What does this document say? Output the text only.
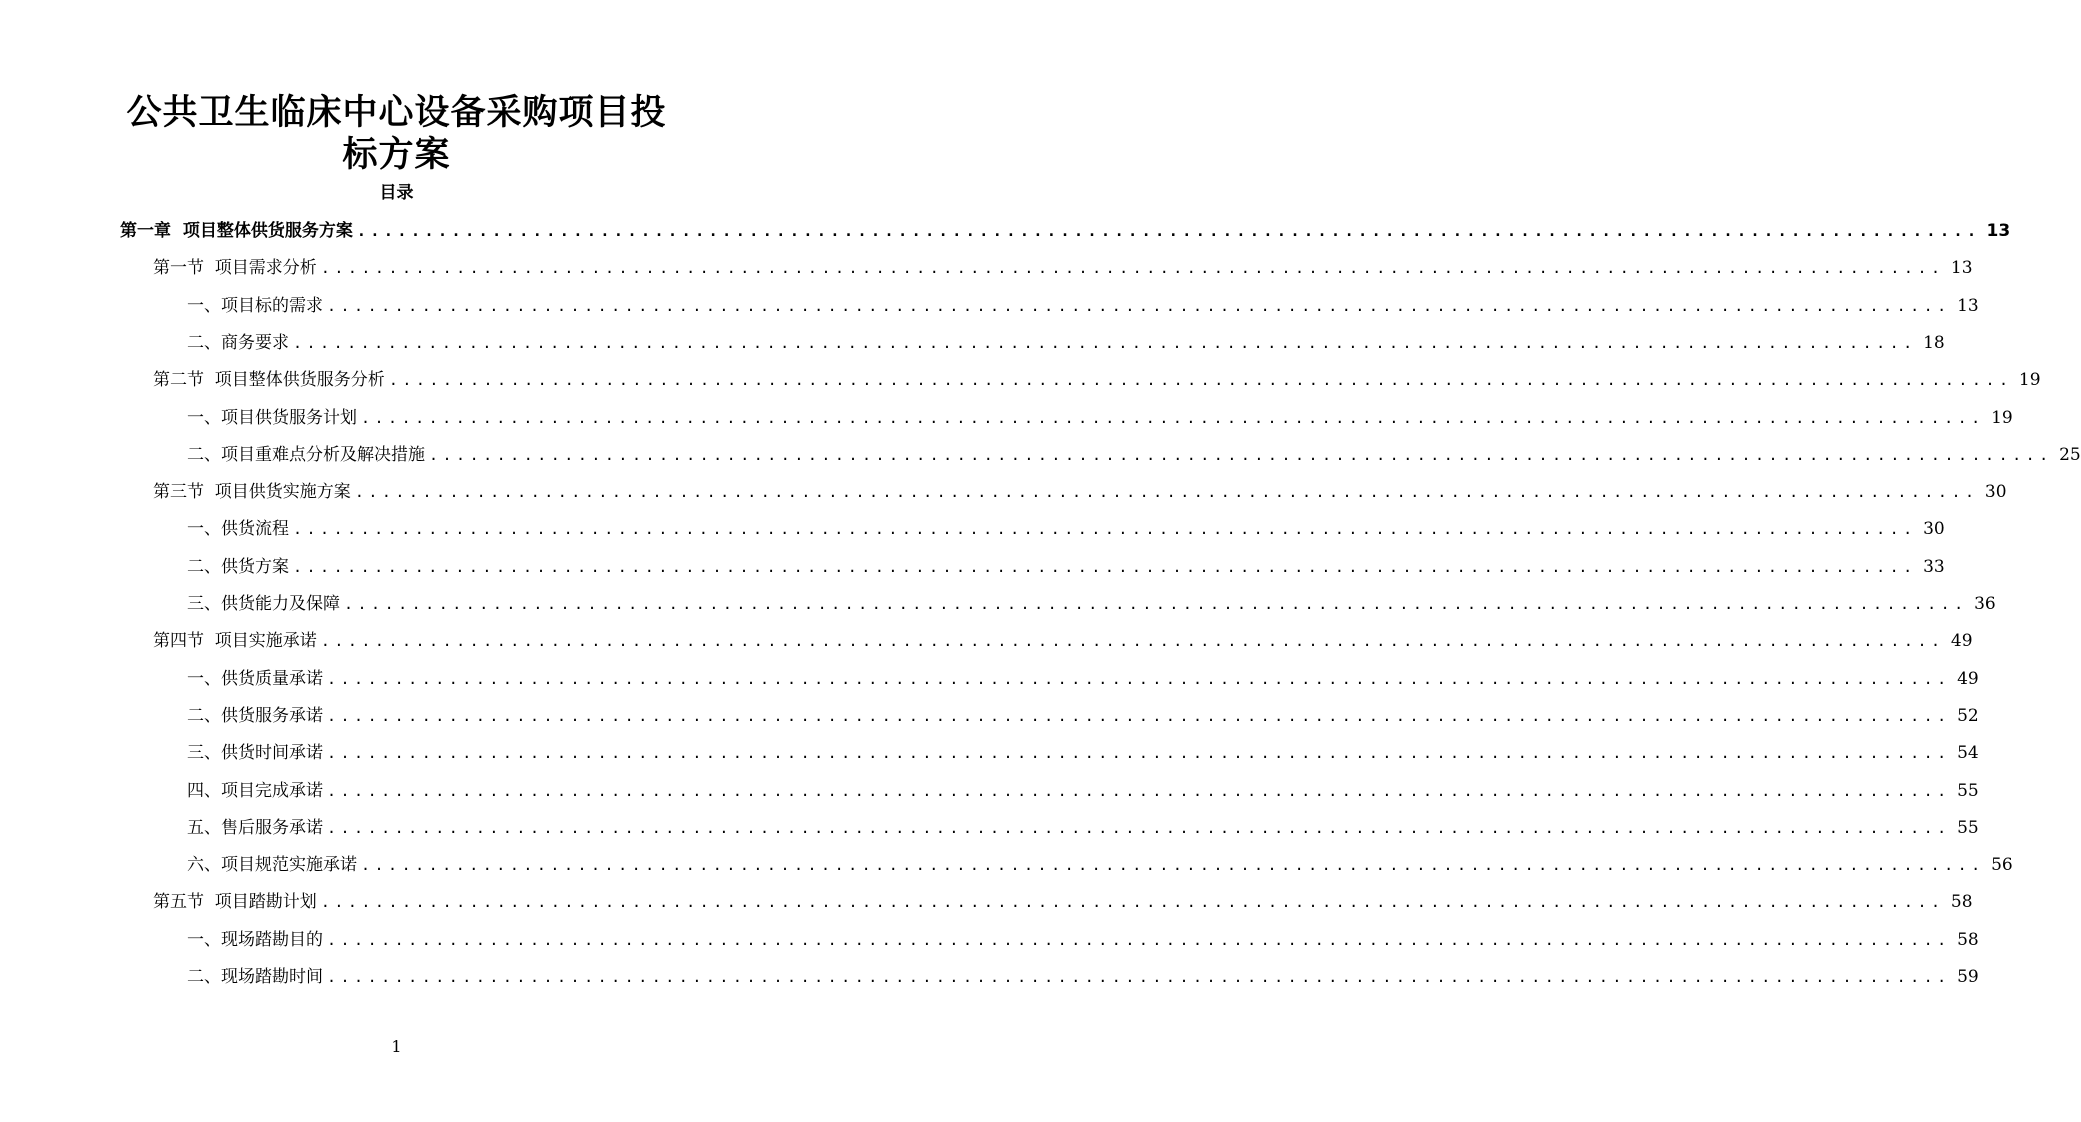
公共卫生临床中心设备采购项目投
标方案
目录
第一章  项目整体供货服务方案 ........................................................................................................................ 13
第一节  项目需求分析 ........................................................................................................................ 13
一、项目标的需求 ........................................................................................................................ 13
二、商务要求 ........................................................................................................................ 18
第二节  项目整体供货服务分析 ........................................................................................................................ 19
一、项目供货服务计划 ........................................................................................................................ 19
二、项目重难点分析及解决措施 ........................................................................................................................ 25
第三节  项目供货实施方案 ........................................................................................................................ 30
一、供货流程 ........................................................................................................................ 30
二、供货方案 ........................................................................................................................ 33
三、供货能力及保障 ........................................................................................................................ 36
第四节  项目实施承诺 ........................................................................................................................ 49
一、供货质量承诺 ........................................................................................................................ 49
二、供货服务承诺 ........................................................................................................................ 52
三、供货时间承诺 ........................................................................................................................ 54
四、项目完成承诺 ........................................................................................................................ 55
五、售后服务承诺 ........................................................................................................................ 55
六、项目规范实施承诺 ........................................................................................................................ 56
第五节  项目踏勘计划 ........................................................................................................................ 58
一、现场踏勘目的 ........................................................................................................................ 58
二、现场踏勘时间 ........................................................................................................................ 59
1
